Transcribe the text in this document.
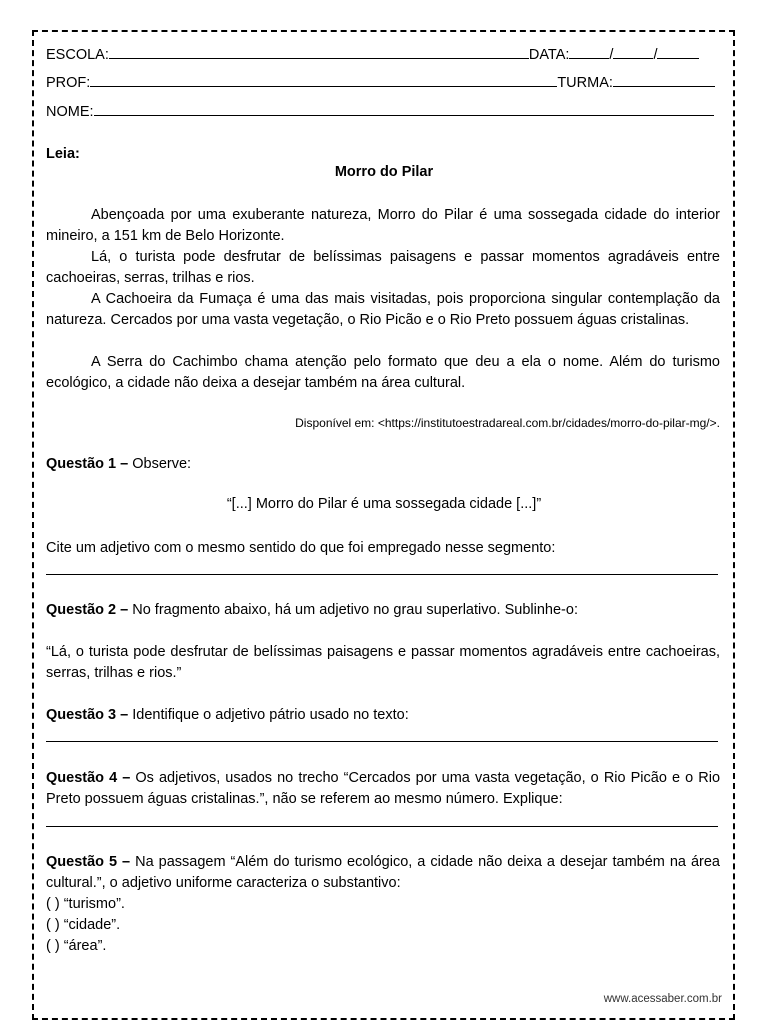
ESCOLA:	DATA:	/	/
PROF:	TURMA:
NOME:
Leia:
Morro do Pilar
Abençoada por uma exuberante natureza, Morro do Pilar é uma sossegada cidade do interior mineiro, a 151 km de Belo Horizonte.
Lá, o turista pode desfrutar de belíssimas paisagens e passar momentos agradáveis entre cachoeiras, serras, trilhas e rios.
A Cachoeira da Fumaça é uma das mais visitadas, pois proporciona singular contemplação da natureza. Cercados por uma vasta vegetação, o Rio Picão e o Rio Preto possuem águas cristalinas.
A Serra do Cachimbo chama atenção pelo formato que deu a ela o nome. Além do turismo ecológico, a cidade não deixa a desejar também na área cultural.
Disponível em: <https://institutoestradareal.com.br/cidades/morro-do-pilar-mg/>.
Questão 1 – Observe:
“[...] Morro do Pilar é uma sossegada cidade [...]”
Cite um adjetivo com o mesmo sentido do que foi empregado nesse segmento:
Questão 2 – No fragmento abaixo, há um adjetivo no grau superlativo. Sublinhe-o:
“Lá, o turista pode desfrutar de belíssimas paisagens e passar momentos agradáveis entre cachoeiras, serras, trilhas e rios.”
Questão 3 – Identifique o adjetivo pátrio usado no texto:
Questão 4 – Os adjetivos, usados no trecho “Cercados por uma vasta vegetação, o Rio Picão e o Rio Preto possuem águas cristalinas.”, não se referem ao mesmo número. Explique:
Questão 5 – Na passagem “Além do turismo ecológico, a cidade não deixa a desejar também na área cultural.”, o adjetivo uniforme caracteriza o substantivo:
( ) “turismo”.
( ) “cidade”.
( ) “área”.
www.acessaber.com.br
